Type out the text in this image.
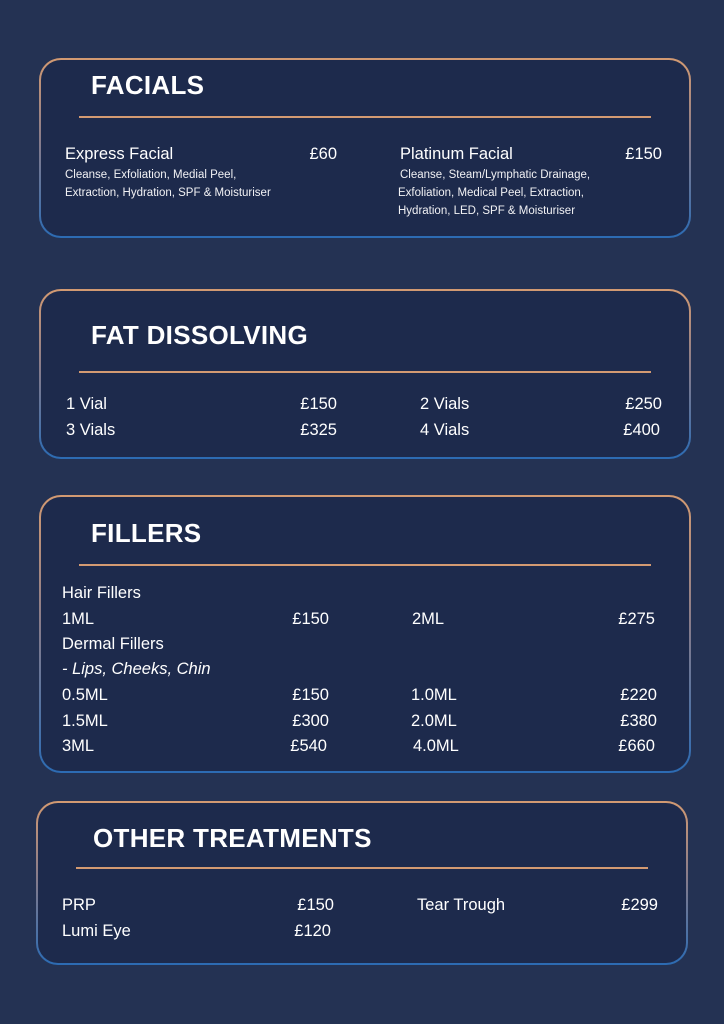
FACIALS
Express Facial	£60
Cleanse, Exfoliation, Medial Peel,
Extraction, Hydration, SPF & Moisturiser
Platinum Facial	£150
Cleanse, Steam/Lymphatic Drainage,
Exfoliation, Medical Peel, Extraction,
Hydration, LED, SPF & Moisturiser
FAT DISSOLVING
1 Vial	£150	2 Vials	£250
3 Vials	£325	4 Vials	£400
FILLERS
Hair Fillers
1ML	£150	2ML	£275
Dermal Fillers
- Lips, Cheeks, Chin
0.5ML	£150	1.0ML	£220
1.5ML	£300	2.0ML	£380
3ML	£540	4.0ML	£660
OTHER TREATMENTS
PRP	£150	Tear Trough	£299
Lumi Eye	£120
